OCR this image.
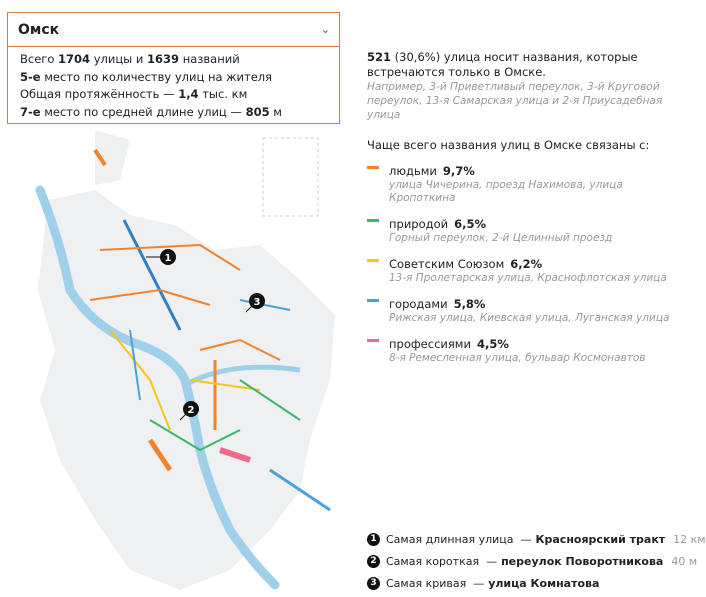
Омск	⌄
Всего 1704 улицы и 1639 названий
5-е место по количеству улиц на жителя
Общая протяжённость — 1,4 тыс. км
7-е место по средней длине улиц — 805 м
521 (30,6%) улица носит названия, которые встречаются только в Омске.
Например, 3-й Приветливый переулок, 3-й Круговой переулок, 13-я Самарская улица и 2-я Приусадебная улица
Чаще всего названия улиц в Омске связаны с:
людьми 9,7%
улица Чичерина, проезд Нахимова, улица Кропоткина
природой 6,5%
Горный переулок, 2-й Целинный проезд
Советским Союзом 6,2%
13-я Пролетарская улица, Краснофлотская улица
городами 5,8%
Рижская улица, Киевская улица, Луганская улица
профессиями 4,5%
8-я Ремесленная улица, бульвар Космонавтов
1
2
3
1 Самая длинная улица — Красноярский тракт 12 км
2 Самая короткая — переулок Поворотникова 40 м
3 Самая кривая — улица Комнатова
